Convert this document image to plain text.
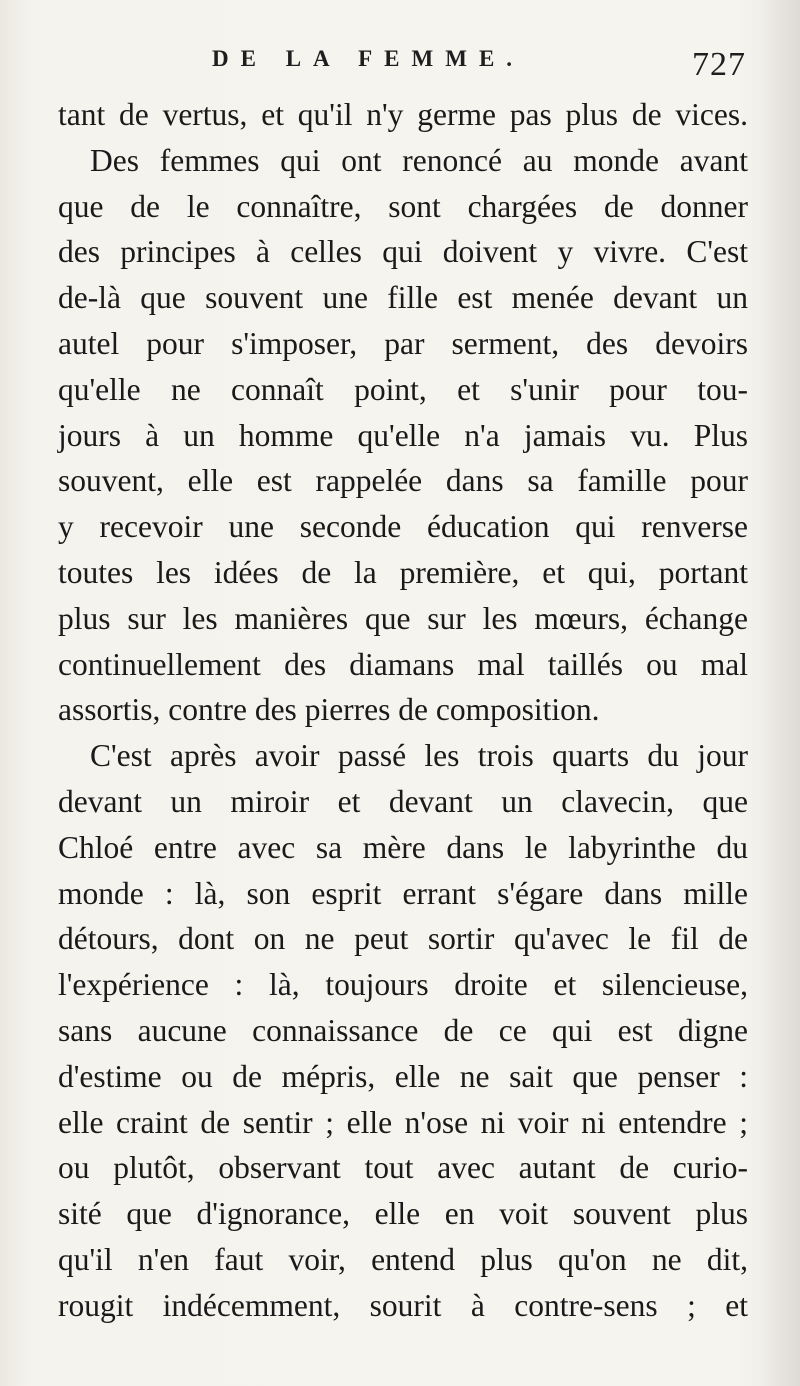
DE LA FEMME.	727
tant de vertus, et qu'il n'y germe pas plus de vices.
Des femmes qui ont renoncé au monde avant
que de le connaître, sont chargées de donner
des principes à celles qui doivent y vivre. C'est
de-là que souvent une fille est menée devant un
autel pour s'imposer, par serment, des devoirs
qu'elle ne connaît point, et s'unir pour tou-
jours à un homme qu'elle n'a jamais vu. Plus
souvent, elle est rappelée dans sa famille pour
y recevoir une seconde éducation qui renverse
toutes les idées de la première, et qui, portant
plus sur les manières que sur les mœurs, échange
continuellement des diamans mal taillés ou mal
assortis, contre des pierres de composition.
C'est après avoir passé les trois quarts du jour
devant un miroir et devant un clavecin, que
Chloé entre avec sa mère dans le labyrinthe du
monde : là, son esprit errant s'égare dans mille
détours, dont on ne peut sortir qu'avec le fil de
l'expérience : là, toujours droite et silencieuse,
sans aucune connaissance de ce qui est digne
d'estime ou de mépris, elle ne sait que penser :
elle craint de sentir ; elle n'ose ni voir ni entendre ;
ou plutôt, observant tout avec autant de curio-
sité que d'ignorance, elle en voit souvent plus
qu'il n'en faut voir, entend plus qu'on ne dit,
rougit indécemment, sourit à contre-sens ; et
